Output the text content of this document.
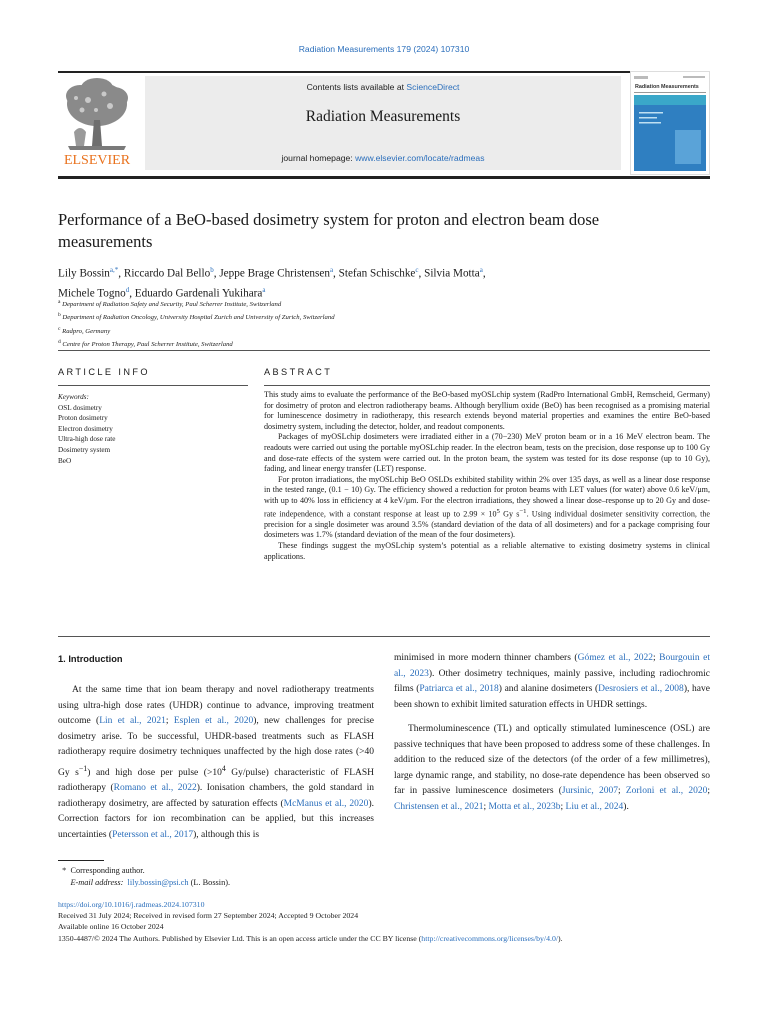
Radiation Measurements 179 (2024) 107310
ELSEVIER
Contents lists available at ScienceDirect
Radiation Measurements
journal homepage: www.elsevier.com/locate/radmeas
Radiation Measurements
Performance of a BeO-based dosimetry system for proton and electron beam dose measurements
Lily Bossin$^{a,*}$, Riccardo Dal Bello$^b$, Jeppe Brage Christensen$^a$, Stefan Schischke$^c$, Silvia Motta$^a$,
Michele Togno$^d$, Eduardo Gardenali Yukihara$^a$
$^a$ Department of Radiation Safety and Security, Paul Scherrer Institute, Switzerland
$^b$ Department of Radiation Oncology, University Hospital Zurich and University of Zurich, Switzerland
$^c$ Radpro, Germany
$^d$ Centre for Proton Therapy, Paul Scherrer Institute, Switzerland
ARTICLE INFO
Keywords:
OSL dosimetry
Proton dosimetry
Electron dosimetry
Ultra-high dose rate
Dosimetry system
BeO
ABSTRACT

This study aims to evaluate the performance of the BeO-based myOSLchip system (RadPro International GmbH, Remscheid, Germany) for dosimetry of proton and electron radiotherapy beams. Although beryllium oxide (BeO) has been recognised as a promising material for luminescence dosimetry in radiotherapy, this research extends beyond material properties and examines the entire BeO-based dosimetry system, including the detector, holder, and readout components.

Packages of myOSLchip dosimeters were irradiated either in a (70−230) MeV proton beam or in a 16 MeV electron beam. The readouts were carried out using the portable myOSLchip reader. In the electron beam, tests on the precision, dose response up to 100 Gy and dose-rate effects of the system were carried out. In the proton beam, the system was tested for its dose response (up to 10 Gy), fading, and linear energy transfer (LET) response.

For proton irradiations, the myOSLchip BeO OSLDs exhibited stability within 2% over 135 days, as well as a linear dose response in the tested range, (0.1 − 10) Gy. The efficiency showed a reduction for proton beams with LET values (for water) above 0.6 keV/μm, with up to 40% loss in efficiency at 4 keV/μm. For the electron irradiations, they showed a linear dose–response up to 20 Gy and dose-rate independence, with a constant response at least up to $2.99 \times 10^5$ Gy $s^{-1}$. Using individual dosimeter sensitivity correction, the precision for a single dosimeter was around 3.5% (standard deviation of the data of all dosimeters) and for a package comprising four dosimeters was 1.7% (standard deviation of the mean of the four dosimeters).

These findings suggest the myOSLchip system’s potential as a reliable alternative to existing dosimetry systems in clinical applications.

1. Introduction

At the same time that ion beam therapy and novel radiotherapy treatments using ultra-high dose rates (UHDR) continue to advance, improving treatment outcome (Lin et al., 2021; Esplen et al., 2020), new challenges for precise dosimetry arise. To be successful, UHDR-based treatments such as FLASH radiotherapy require dosimetry techniques unaffected by the high dose rates (>40 Gy $s^{-1}$) and high dose per pulse ($>10^4$ Gy/pulse) characteristic of FLASH radiotherapy (Romano et al., 2022). Ionisation chambers, the gold standard in radiotherapy dosimetry, are affected by saturation effects (McManus et al., 2020). Correction factors for ion recombination can be applied, but this increases uncertainties (Petersson et al., 2017), although this is

minimised in more modern thinner chambers (Gómez et al., 2022; Bourgouin et al., 2023). Other dosimetry techniques, mainly passive, including radiochromic films (Patriarca et al., 2018) and alanine dosimeters (Desrosiers et al., 2008), have been shown to exhibit limited saturation effects in UHDR settings.

Thermoluminescence (TL) and optically stimulated luminescence (OSL) are passive techniques that have been proposed to address some of these challenges. In addition to the reduced size of the detectors (of the order of a few millimetres), large dynamic range, and stability, no dose-rate dependence has been observed so far in passive luminescence dosimeters (Jursinic, 2007; Zorloni et al., 2020; Christensen et al., 2021; Motta et al., 2023b; Liu et al., 2024).

* Corresponding author.
E-mail address: lily.bossin@psi.ch (L. Bossin).
https://doi.org/10.1016/j.radmeas.2024.107310
Received 31 July 2024; Received in revised form 27 September 2024; Accepted 9 October 2024
Available online 16 October 2024
1350-4487/© 2024 The Authors. Published by Elsevier Ltd. This is an open access article under the CC BY license (http://creativecommons.org/licenses/by/4.0/).
